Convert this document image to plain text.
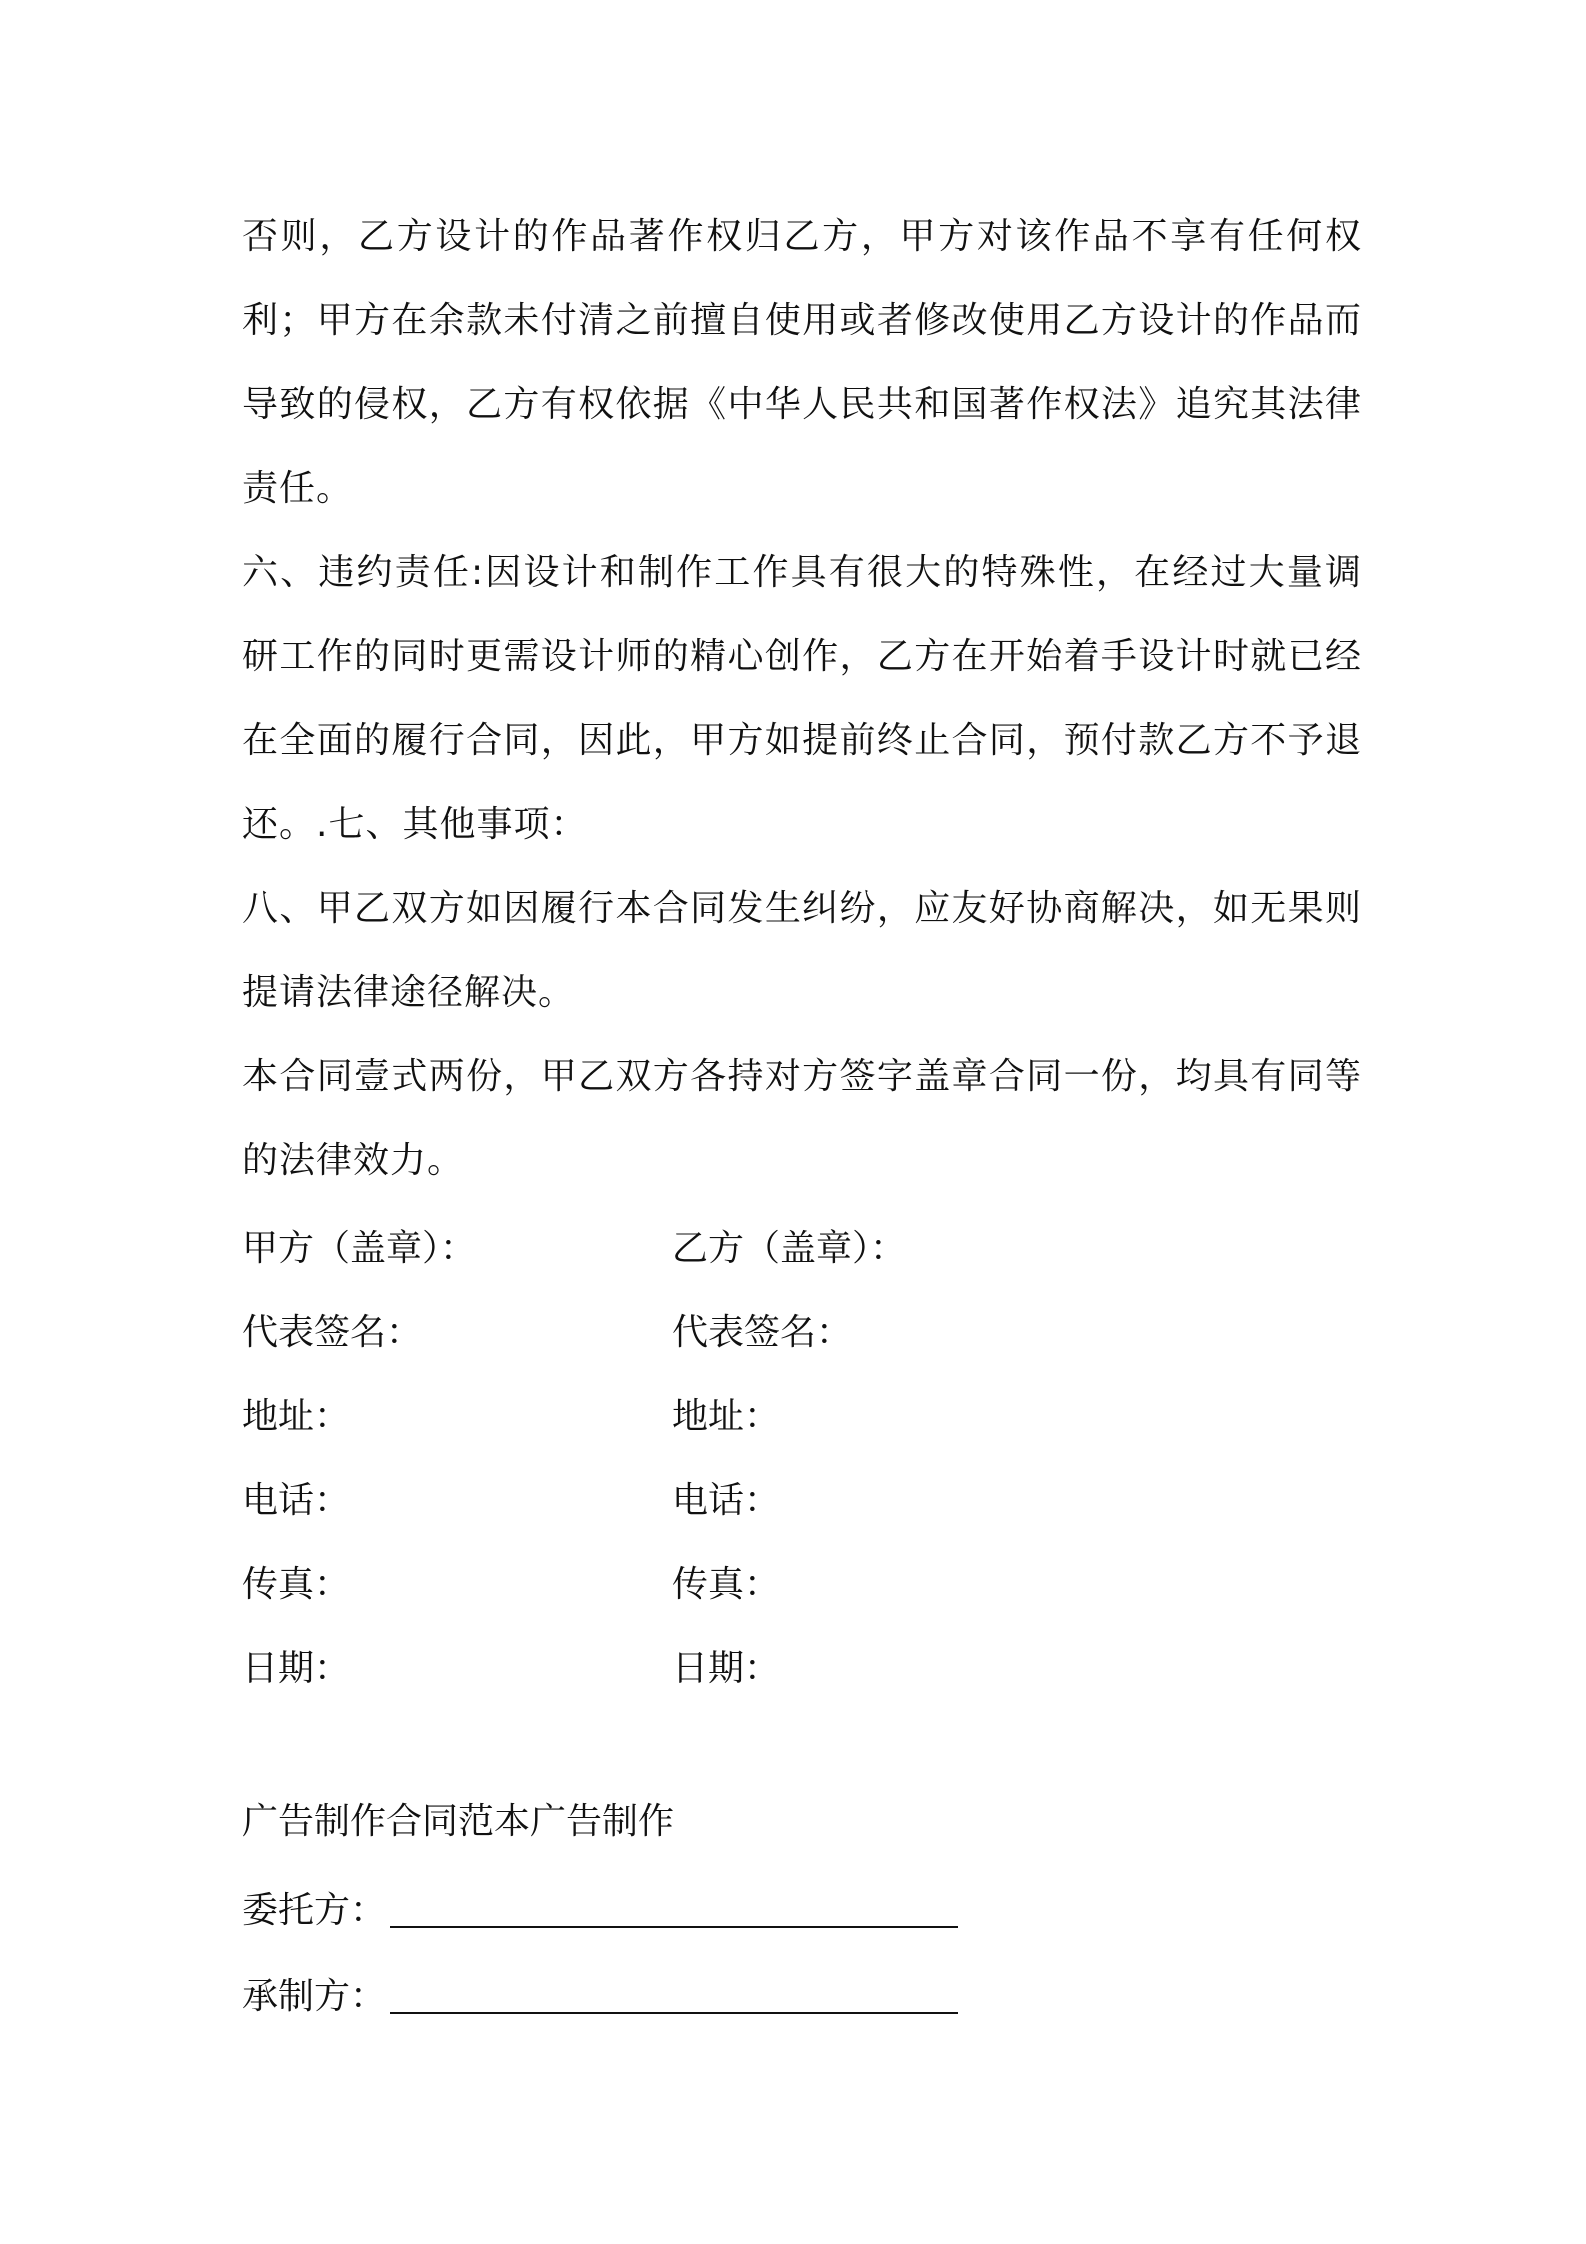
否则，乙方设计的作品著作权归乙方，甲方对该作品不享有任何权利；甲方在余款未付清之前擅自使用或者修改使用乙方设计的作品而导致的侵权，乙方有权依据《中华人民共和国著作权法》追究其法律责任。

六、违约责任:因设计和制作工作具有很大的特殊性，在经过大量调研工作的同时更需设计师的精心创作，乙方在开始着手设计时就已经在全面的履行合同，因此，甲方如提前终止合同，预付款乙方不予退还。.七、其他事项：

八、甲乙双方如因履行本合同发生纠纷，应友好协商解决，如无果则提请法律途径解决。

本合同壹式两份，甲乙双方各持对方签字盖章合同一份，均具有同等的法律效力。

甲方（盖章）：	乙方（盖章）：
代表签名：	代表签名：
地址：	地址：
电话：	电话：
传真：	传真：
日期：	日期：

广告制作合同范本广告制作

委托方：
承制方：
